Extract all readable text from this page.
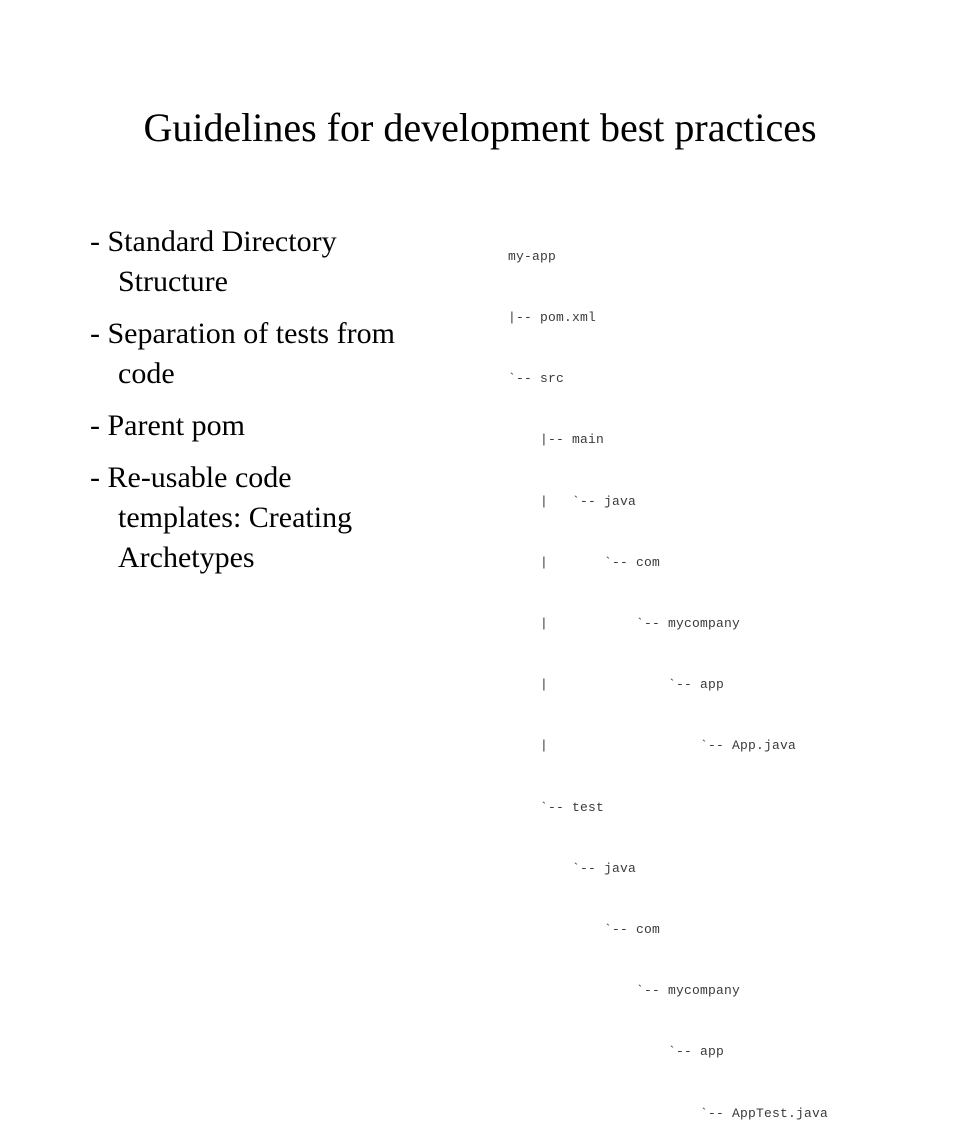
Guidelines for development best practices
- Standard Directory
Structure
- Separation of tests from
code
- Parent pom
- Re-usable code
templates: Creating
Archetypes

my-app

|-- pom.xml

`-- src

|-- main

|   `-- java

|       `-- com

|           `-- mycompany

|               `-- app

|                   `-- App.java

`-- test

`-- java

`-- com

`-- mycompany

`-- app

`-- AppTest.java
